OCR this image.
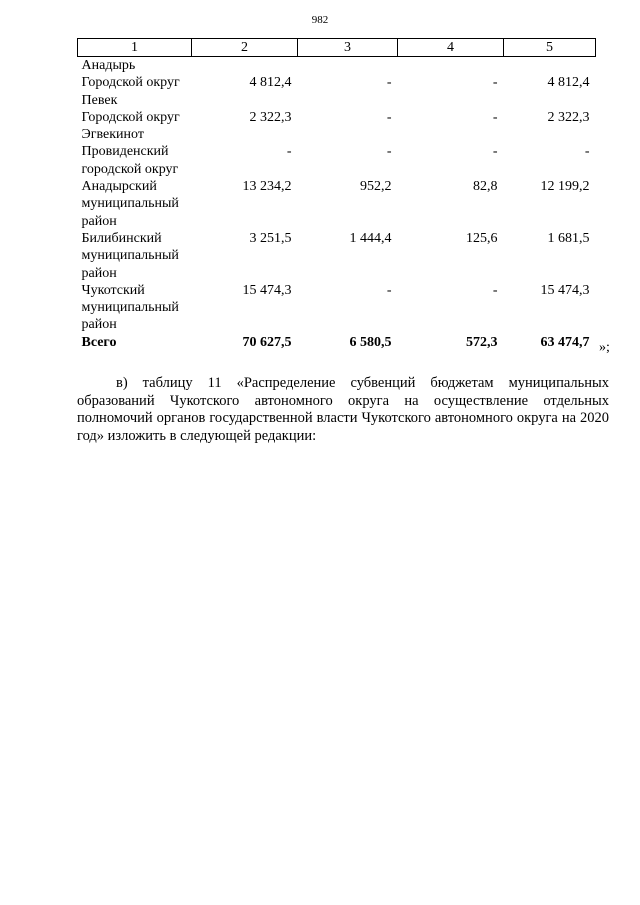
982
1	2	3	4	5
Анадырь				
Городской округ Певек	4 812,4	-	-	4 812,4
Городской округ Эгвекинот	2 322,3	-	-	2 322,3
Провиденский городской округ	-	-	-	-
Анадырский муниципальный район	13 234,2	952,2	82,8	12 199,2
Билибинский муниципальный район	3 251,5	1 444,4	125,6	1 681,5
Чукотский муниципальный район	15 474,3	-	-	15 474,3
Всего	70 627,5	6 580,5	572,3	63 474,7 »;

в) таблицу 11 «Распределение субвенций бюджетам муниципальных образований Чукотского автономного округа на осуществление отдельных полномочий органов государственной власти Чукотского автономного округа на 2020 год» изложить в следующей редакции:
